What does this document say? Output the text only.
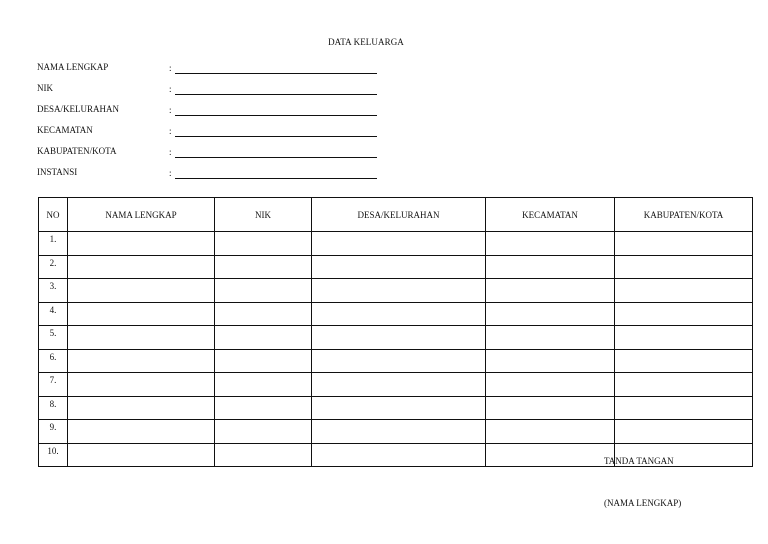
DATA KELUARGA
NAMA LENGKAP	:
NIK	:
DESA/KELURAHAN	:
KECAMATAN	:
KABUPATEN/KOTA	:
INSTANSI	:
NO	NAMA LENGKAP	NIK	DESA/KELURAHAN	KECAMATAN	KABUPATEN/KOTA
1.					
2.					
3.					
4.					
5.					
6.					
7.					
8.					
9.					
10.					
TANDA TANGAN
(NAMA LENGKAP)
